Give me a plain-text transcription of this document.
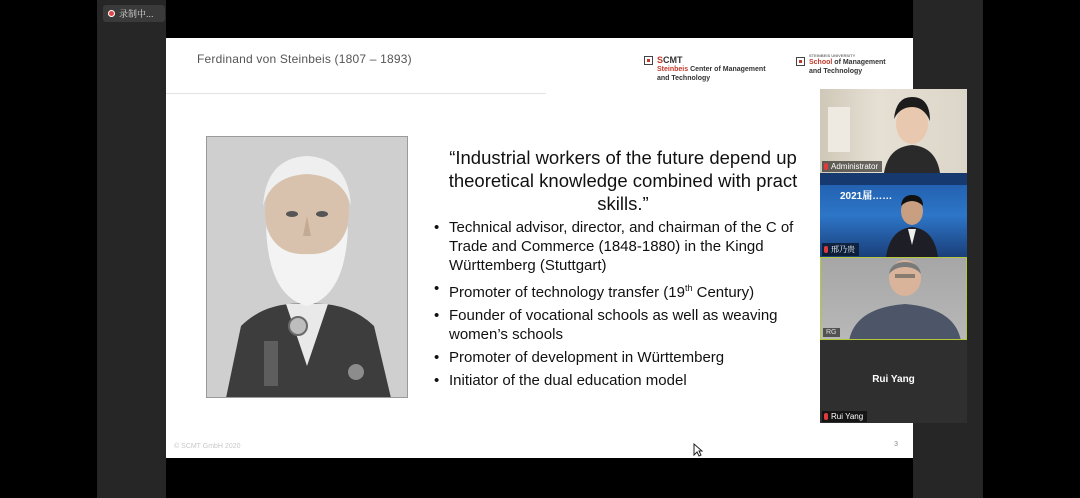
录制中...
Ferdinand von Steinbeis (1807 – 1893)	SCMT
Steinbeis Center of Management
and Technology
STEINBEIS UNIVERSITY
School of Management
and Technology
“Industrial workers of the future depend up
theoretical knowledge combined with pract
skills.”
• Technical advisor, director, and chairman of the C of Trade and Commerce (1848-1880) in the Kingd Württemberg (Stuttgart)
• Promoter of technology transfer (19th Century)
• Founder of vocational schools as well as weaving women’s schools
• Promoter of development in Württemberg
• Initiator of the dual education model
© SCMT GmbH 2020	3
Administrator
2021届……
邢乃贵
RG
Rui Yang
Rui Yang
